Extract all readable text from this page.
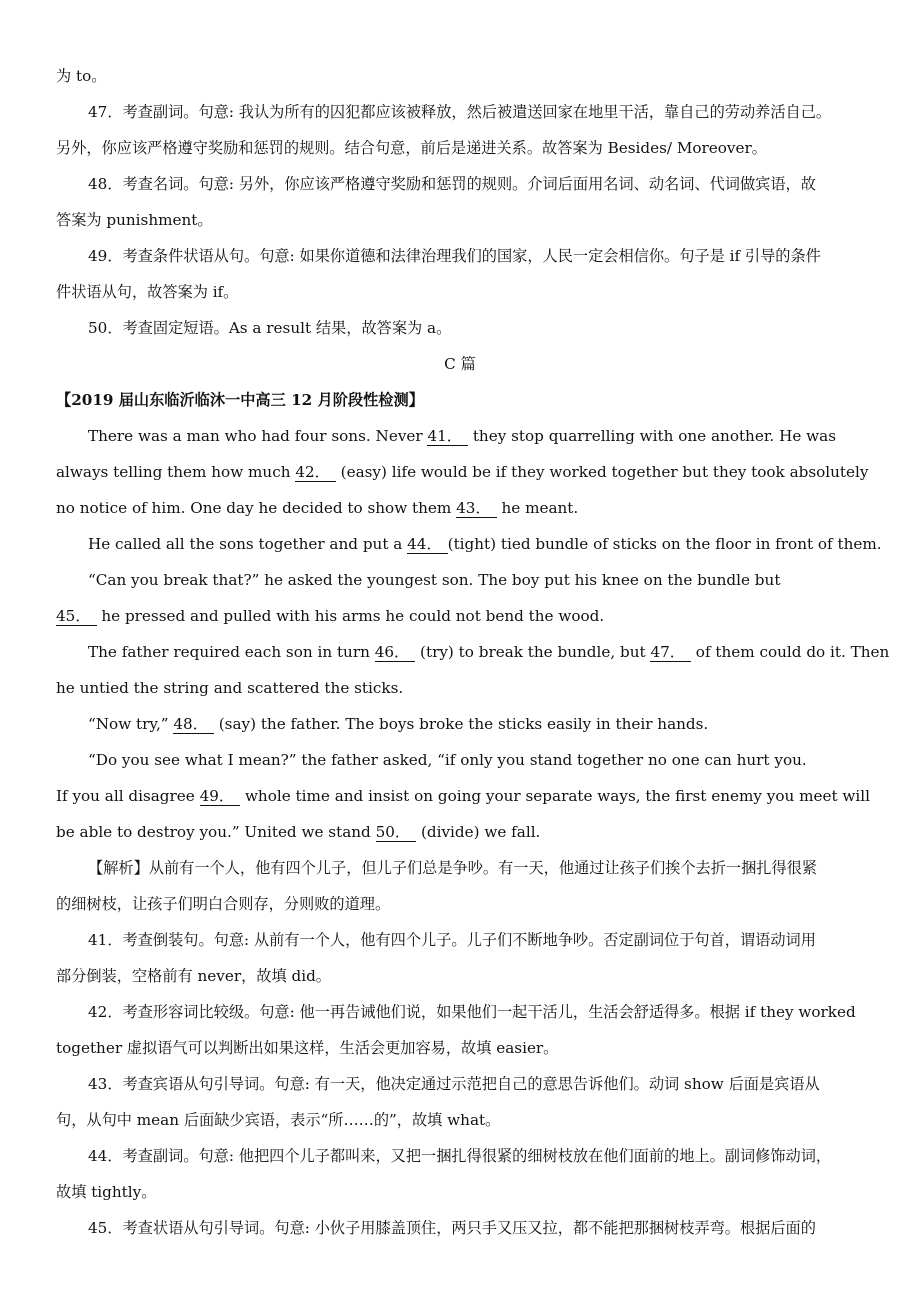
为 to。
47．考查副词。句意: 我认为所有的囚犯都应该被释放，然后被遣送回家在地里干活，靠自己的劳动养活自己。
另外，你应该严格遵守奖励和惩罚的规则。结合句意，前后是递进关系。故答案为 Besides/ Moreover。
48．考查名词。句意: 另外，你应该严格遵守奖励和惩罚的规则。介词后面用名词、动名词、代词做宾语，故
答案为 punishment。
49．考查条件状语从句。句意: 如果你道德和法律治理我们的国家，人民一定会相信你。句子是 if 引导的条件
件状语从句，故答案为 if。
50．考查固定短语。As a result 结果，故答案为 a。
C 篇
【2019 届山东临沂临沐一中高三 12 月阶段性检测】
There was a man who had four sons. Never 41． they stop quarrelling with one another. He was
always telling them how much 42． (easy) life would be if they worked together but they took absolutely
no notice of him. One day he decided to show them 43． he meant.
He called all the sons together and put a 44． (tight) tied bundle of sticks on the floor in front of them.
“Can you break that?” he asked the youngest son. The boy put his knee on the bundle but
45． he pressed and pulled with his arms he could not bend the wood.
The father required each son in turn 46． (try) to break the bundle, but 47． of them could do it. Then
he untied the string and scattered the sticks.
“Now try,” 48． (say) the father. The boys broke the sticks easily in their hands.
“Do you see what I mean?” the father asked, “if only you stand together no one can hurt you.
If you all disagree 49． whole time and insist on going your separate ways, the first enemy you meet will
be able to destroy you.” United we stand 50． (divide) we fall.
【解析】从前有一个人，他有四个儿子，但儿子们总是争吵。有一天，他通过让孩子们挨个去折一捆扎得很紧
的细树枝，让孩子们明白合则存，分则败的道理。
41．考查倒装句。句意: 从前有一个人，他有四个儿子。儿子们不断地争吵。否定副词位于句首，谓语动词用
部分倒装，空格前有 never，故填 did。
42．考查形容词比较级。句意: 他一再告诫他们说，如果他们一起干活儿，生活会舒适得多。根据 if they worked
together 虚拟语气可以判断出如果这样，生活会更加容易，故填 easier。
43．考查宾语从句引导词。句意: 有一天，他决定通过示范把自己的意思告诉他们。动词 show 后面是宾语从
句，从句中 mean 后面缺少宾语，表示“所……的”，故填 what。
44．考查副词。句意: 他把四个儿子都叫来，又把一捆扎得很紧的细树枝放在他们面前的地上。副词修饰动词，
故填 tightly。
45．考查状语从句引导词。句意: 小伙子用膝盖顶住，两只手又压又拉，都不能把那捆树枝弄弯。根据后面的
